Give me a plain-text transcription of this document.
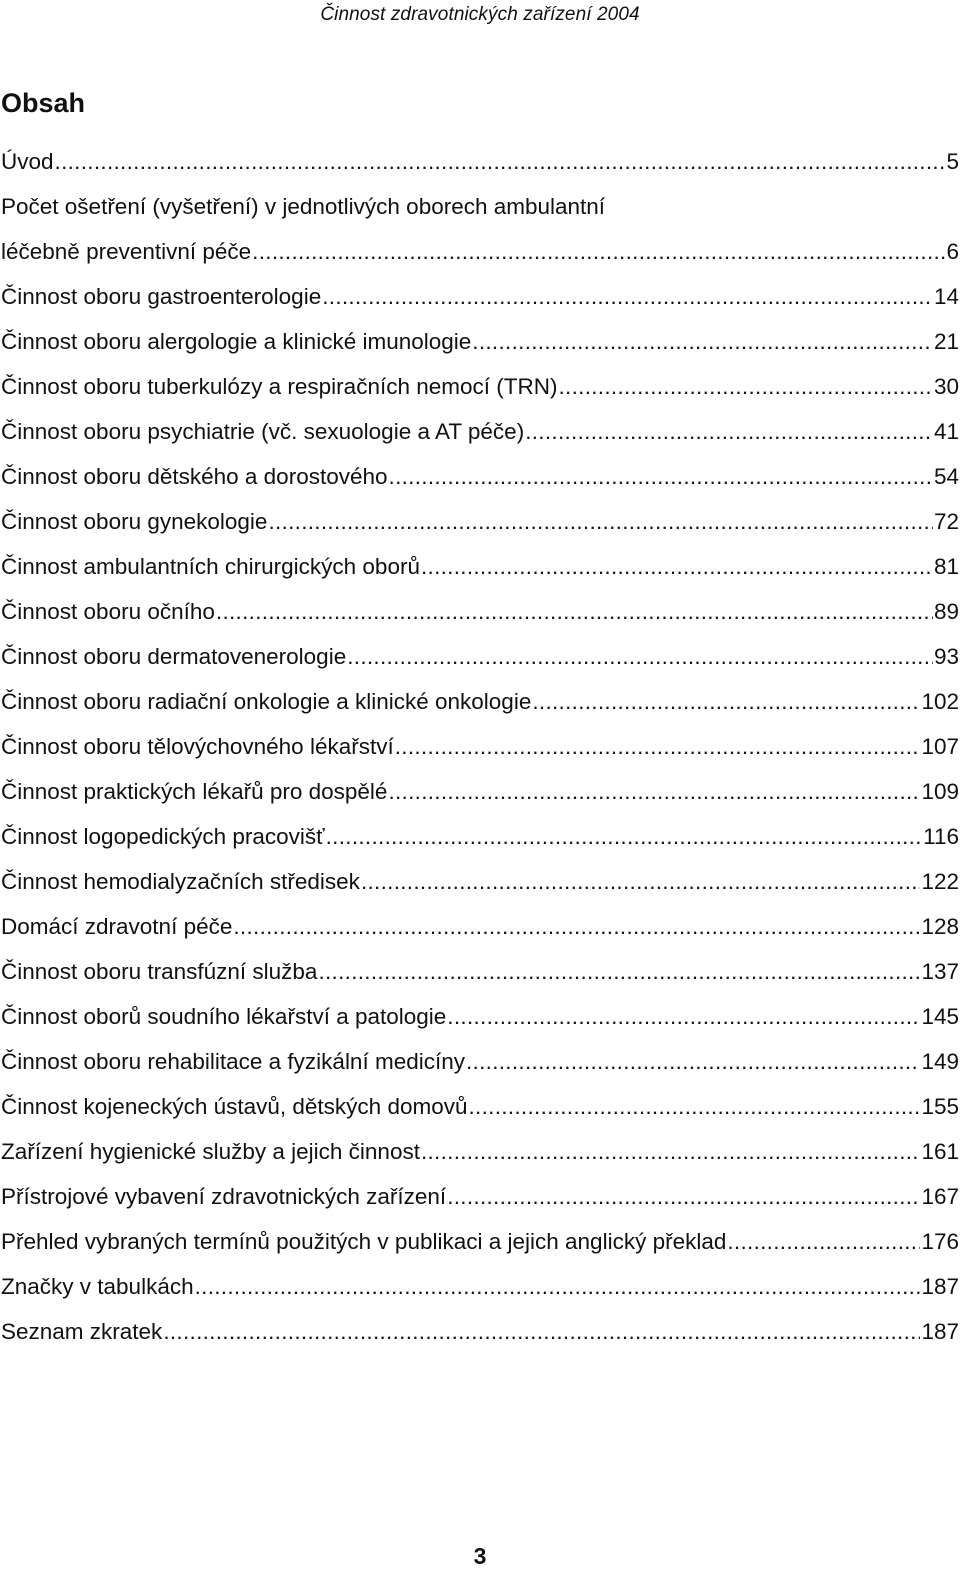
Činnost zdravotnických zařízení 2004
Obsah
Úvod .....	5
Počet ošetření (vyšetření) v jednotlivých oborech ambulantní
léčebně preventivní péče .....	6
Činnost oboru gastroenterologie .....	14
Činnost oboru alergologie a klinické imunologie .....	21
Činnost oboru tuberkulózy a respiračních nemocí (TRN) .....	30
Činnost oboru psychiatrie (vč. sexuologie a AT péče) .....	41
Činnost oboru dětského a dorostového .....	54
Činnost oboru gynekologie .....	72
Činnost ambulantních chirurgických oborů .....	81
Činnost oboru očního .....	89
Činnost oboru dermatovenerologie .....	93
Činnost oboru radiační onkologie a klinické onkologie .....	102
Činnost oboru tělovýchovného lékařství .....	107
Činnost praktických lékařů pro dospělé .....	109
Činnost logopedických pracovišť .....	116
Činnost hemodialyzačních středisek .....	122
Domácí zdravotní péče .....	128
Činnost oboru transfúzní služba .....	137
Činnost oborů soudního lékařství a patologie .....	145
Činnost oboru rehabilitace a fyzikální medicíny .....	149
Činnost kojeneckých ústavů, dětských domovů .....	155
Zařízení hygienické služby a jejich činnost .....	161
Přístrojové vybavení zdravotnických zařízení .....	167
Přehled vybraných termínů použitých v publikaci a jejich anglický překlad .....	176
Značky v tabulkách .....	187
Seznam zkratek .....	187
3
